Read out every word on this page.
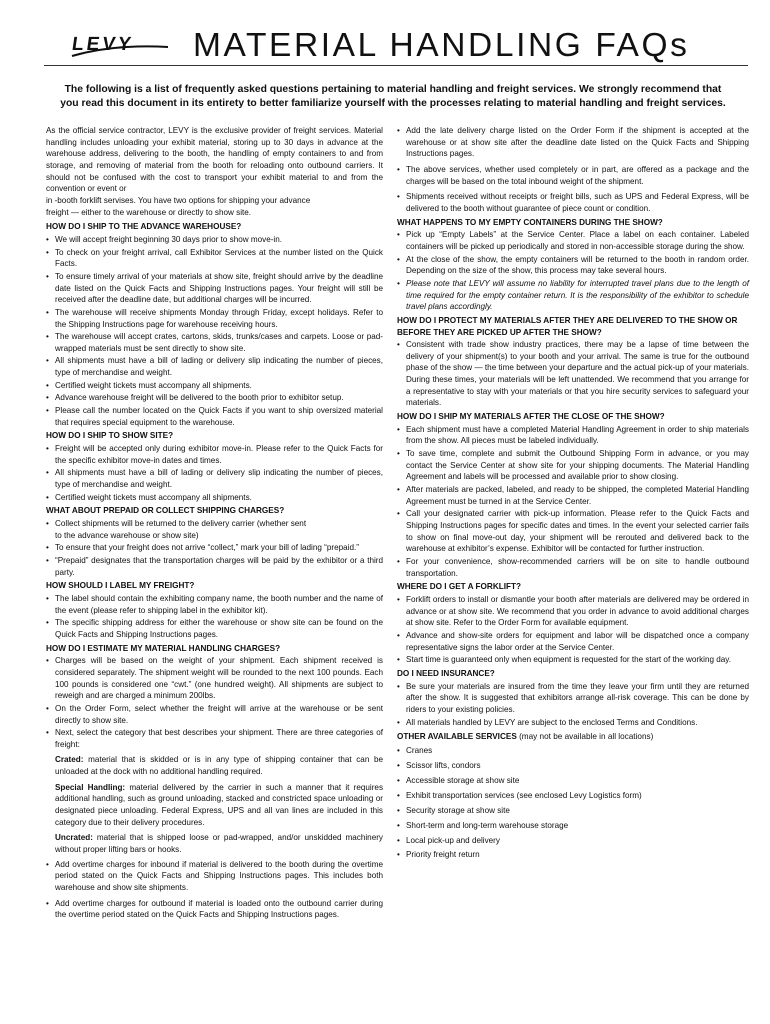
LEVY MATERIAL HANDLING FAQs

The following is a list of frequently asked questions pertaining to material handling and freight services. We strongly recommend that
you read this document in its entirety to better familiarize yourself with the processes relating to material handling and freight services.

As the official service contractor, LEVY is the exclusive provider of freight services. Material handling includes unloading your exhibit material, storing up to 30 days in advance at the warehouse address, delivering to the booth, the handling of empty containers to and from storage, and removing of material from the booth for reloading onto outbound carriers. It should not be confused with the cost to transport your exhibit material to and from the convention or event or
in -booth forklift servises. You have two options for shipping your advance
freight — either to the warehouse or directly to show site.

HOW DO I SHIP TO THE ADVANCE WAREHOUSE?
• We will accept freight beginning 30 days prior to show move-in.
• To check on your freight arrival, call Exhibitor Services at the number listed on the Quick Facts.
• To ensure timely arrival of your materials at show site, freight should arrive by the deadline date listed on the Quick Facts and Shipping Instructions pages. Your freight will still be received after the deadline date, but additional charges will be incurred.
• The warehouse will receive shipments Monday through Friday, except holidays. Refer to the Shipping Instructions page for warehouse receiving hours.
• The warehouse will accept crates, cartons, skids, trunks/cases and carpets. Loose or pad-wrapped materials must be sent directly to show site.
• All shipments must have a bill of lading or delivery slip indicating the number of pieces, type of merchandise and weight.
• Certified weight tickets must accompany all shipments.
• Advance warehouse freight will be delivered to the booth prior to exhibitor setup.
• Please call the number located on the Quick Facts if you want to ship oversized material that requires special equipment to the warehouse.
HOW DO I SHIP TO SHOW SITE?
• Freight will be accepted only during exhibitor move-in. Please refer to the Quick Facts for the specific exhibitor move-in dates and times.
• All shipments must have a bill of lading or delivery slip indicating the number of pieces, type of merchandise and weight.
• Certified weight tickets must accompany all shipments.
WHAT ABOUT PREPAID OR COLLECT SHIPPING CHARGES?
• Collect shipments will be returned to the delivery carrier (whether sent
to the advance warehouse or show site)
• To ensure that your freight does not arrive “collect,” mark your bill of lading “prepaid.”
• “Prepaid” designates that the transportation charges will be paid by the exhibitor or a third party.
HOW SHOULD I LABEL MY FREIGHT?
• The label should contain the exhibiting company name, the booth number and the name of the event (please refer to shipping label in the exhibitor kit).
• The specific shipping address for either the warehouse or show site can be found on the Quick Facts and Shipping Instructions pages.
HOW DO I ESTIMATE MY MATERIAL HANDLING CHARGES?
• Charges will be based on the weight of your shipment. Each shipment received is considered separately. The shipment weight will be rounded to the next 100 pounds. Each 100 pounds is considered one “cwt.” (one hundred weight). All shipments are subject to reweigh and are charged a minimum 200lbs.
• On the Order Form, select whether the freight will arrive at the warehouse or be sent directly to show site.
• Next, select the category that best describes your shipment. There are three categories of freight:

Crated: material that is skidded or is in any type of shipping container that can be unloaded at the dock with no additional handling required.

Special Handling: material delivered by the carrier in such a manner that it requires additional handling, such as ground unloading, stacked and constricted space unloading or designated piece unloading. Federal Express, UPS and all van lines are included in this category due to their delivery procedures.

Uncrated: material that is shipped loose or pad-wrapped, and/or unskidded machinery without proper lifting bars or hooks.

• Add overtime charges for inbound if material is delivered to the booth during the overtime period stated on the Quick Facts and Shipping Instructions pages. This includes both warehouse and show site shipments.
• Add overtime charges for outbound if material is loaded onto the outbound carrier during the overtime period stated on the Quick Facts and Shipping Instructions pages.
• Add the late delivery charge listed on the Order Form if the shipment is accepted at the warehouse or at show site after the deadline date listed on the Quick Facts and Shipping Instructions pages.
• The above services, whether used completely or in part, are offered as a package and the charges will be based on the total inbound weight of the shipment.
• Shipments received without receipts or freight bills, such as UPS and Federal Express, will be delivered to the booth without guarantee of piece count or condition.
WHAT HAPPENS TO MY EMPTY CONTAINERS DURING THE SHOW?
• Pick up “Empty Labels” at the Service Center. Place a label on each container. Labeled containers will be picked up periodically and stored in non-accessible storage during the show.
• At the close of the show, the empty containers will be returned to the booth in random order. Depending on the size of the show, this process may take several hours.
• Please note that LEVY will assume no liability for interrupted travel plans due to the length of time required for the empty container return. It is the responsibility of the exhibitor to schedule travel plans accordingly.
HOW DO I PROTECT MY MATERIALS AFTER THEY ARE DELIVERED TO THE SHOW OR BEFORE THEY ARE PICKED UP AFTER THE SHOW?
• Consistent with trade show industry practices, there may be a lapse of time between the delivery of your shipment(s) to your booth and your arrival. The same is true for the outbound phase of the show — the time between your departure and the actual pick-up of your materials. During these times, your materials will be left unattended. We recommend that you arrange for a representative to stay with your materials or that you hire security services to safeguard your materials.
HOW DO I SHIP MY MATERIALS AFTER THE CLOSE OF THE SHOW?
• Each shipment must have a completed Material Handling Agreement in order to ship materials from the show. All pieces must be labeled individually.
• To save time, complete and submit the Outbound Shipping Form in advance, or you may contact the Service Center at show site for your shipping documents. The Material Handling Agreement and labels will be processed and available prior to show closing.
• After materials are packed, labeled, and ready to be shipped, the completed Material Handling Agreement must be turned in at the Service Center.
• Call your designated carrier with pick-up information. Please refer to the Quick Facts and Shipping Instructions pages for specific dates and times. In the event your selected carrier fails to show on final move-out day, your shipment will be rerouted and delivered back to the warehouse at exhibitor’s expense. Exhibitor will be contacted for further instruction.
• For your convenience, show-recommended carriers will be on site to handle outbound transportation.
WHERE DO I GET A FORKLIFT?
• Forklift orders to install or dismantle your booth after materials are delivered may be ordered in advance or at show site. We recommend that you order in advance to avoid additional charges at show site. Refer to the Order Form for available equipment.
• Advance and show-site orders for equipment and labor will be dispatched once a company representative signs the labor order at the Service Center.
• Start time is guaranteed only when equipment is requested for the start of the working day.
DO I NEED INSURANCE?
• Be sure your materials are insured from the time they leave your firm until they are returned after the show. It is suggested that exhibitors arrange all-risk coverage. This can be done by riders to your existing policies.
• All materials handled by LEVY are subject to the enclosed Terms and Conditions.
OTHER AVAILABLE SERVICES (may not be available in all locations)
• Cranes
• Scissor lifts, condors
• Accessible storage at show site
• Exhibit transportation services (see enclosed Levy Logistics form)
• Security storage at show site
• Short-term and long-term warehouse storage
• Local pick-up and delivery
• Priority freight return
